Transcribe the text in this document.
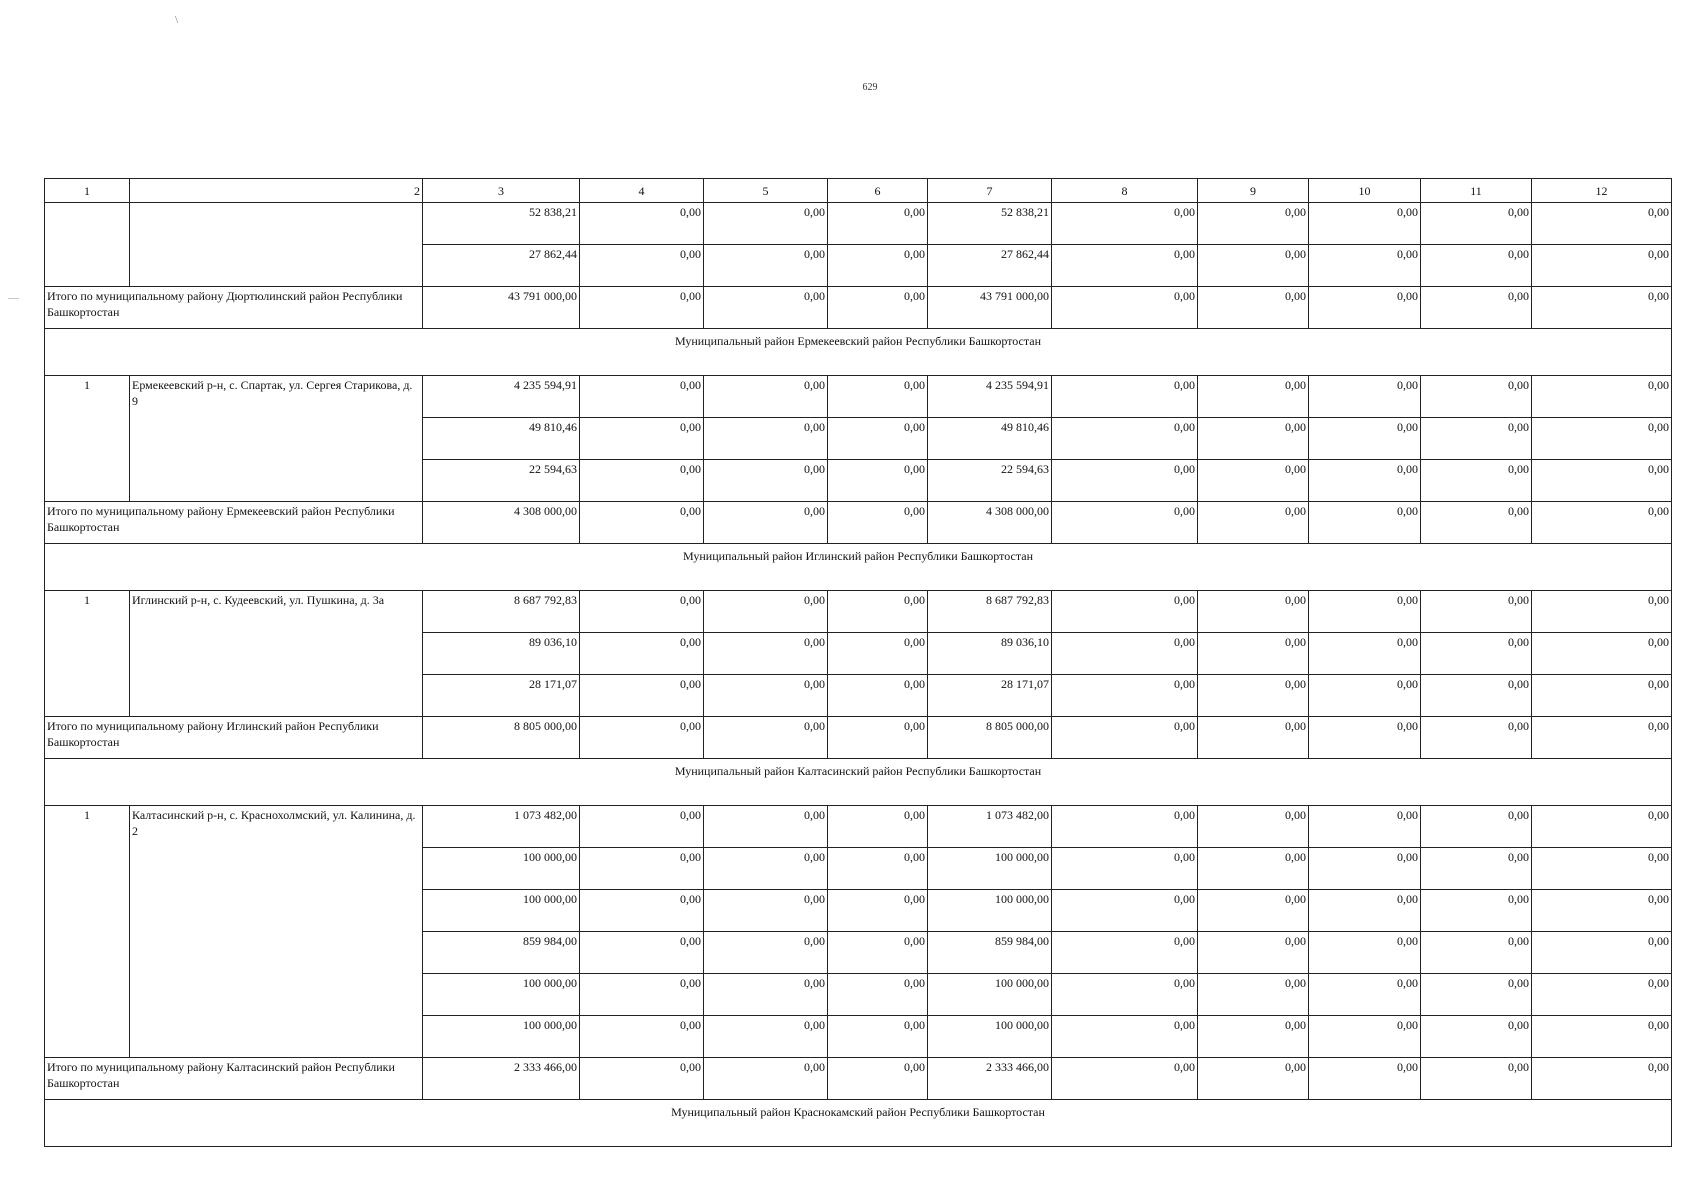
\
629
—
1	2	3	4	5	6	7	8	9	10	11	12
		52 838,21	0,00	0,00	0,00	52 838,21	0,00	0,00	0,00	0,00	0,00
		27 862,44	0,00	0,00	0,00	27 862,44	0,00	0,00	0,00	0,00	0,00
Итого по муниципальному району Дюртюлинский район Республики Башкортостан		43 791 000,00	0,00	0,00	0,00	43 791 000,00	0,00	0,00	0,00	0,00	0,00
Муниципальный район Ермекеевский район Республики Башкортостан											
1	Ермекеевский р-н, с. Спартак, ул. Сергея Старикова, д. 9	4 235 594,91	0,00	0,00	0,00	4 235 594,91	0,00	0,00	0,00	0,00	0,00
		49 810,46	0,00	0,00	0,00	49 810,46	0,00	0,00	0,00	0,00	0,00
		22 594,63	0,00	0,00	0,00	22 594,63	0,00	0,00	0,00	0,00	0,00
Итого по муниципальному району Ермекеевский район Республики Башкортостан		4 308 000,00	0,00	0,00	0,00	4 308 000,00	0,00	0,00	0,00	0,00	0,00
Муниципальный район Иглинский район Республики Башкортостан											
1	Иглинский р-н, с. Кудеевский, ул. Пушкина, д. 3а	8 687 792,83	0,00	0,00	0,00	8 687 792,83	0,00	0,00	0,00	0,00	0,00
		89 036,10	0,00	0,00	0,00	89 036,10	0,00	0,00	0,00	0,00	0,00
		28 171,07	0,00	0,00	0,00	28 171,07	0,00	0,00	0,00	0,00	0,00
Итого по муниципальному району Иглинский район Республики Башкортостан		8 805 000,00	0,00	0,00	0,00	8 805 000,00	0,00	0,00	0,00	0,00	0,00
Муниципальный район Калтасинский район Республики Башкортостан											
1	Калтасинский р-н, с. Краснохолмский, ул. Калинина, д. 2	1 073 482,00	0,00	0,00	0,00	1 073 482,00	0,00	0,00	0,00	0,00	0,00
		100 000,00	0,00	0,00	0,00	100 000,00	0,00	0,00	0,00	0,00	0,00
		100 000,00	0,00	0,00	0,00	100 000,00	0,00	0,00	0,00	0,00	0,00
		859 984,00	0,00	0,00	0,00	859 984,00	0,00	0,00	0,00	0,00	0,00
		100 000,00	0,00	0,00	0,00	100 000,00	0,00	0,00	0,00	0,00	0,00
		100 000,00	0,00	0,00	0,00	100 000,00	0,00	0,00	0,00	0,00	0,00
Итого по муниципальному району Калтасинский район Республики Башкортостан		2 333 466,00	0,00	0,00	0,00	2 333 466,00	0,00	0,00	0,00	0,00	0,00
Муниципальный район Краснокамский район Республики Башкортостан											
